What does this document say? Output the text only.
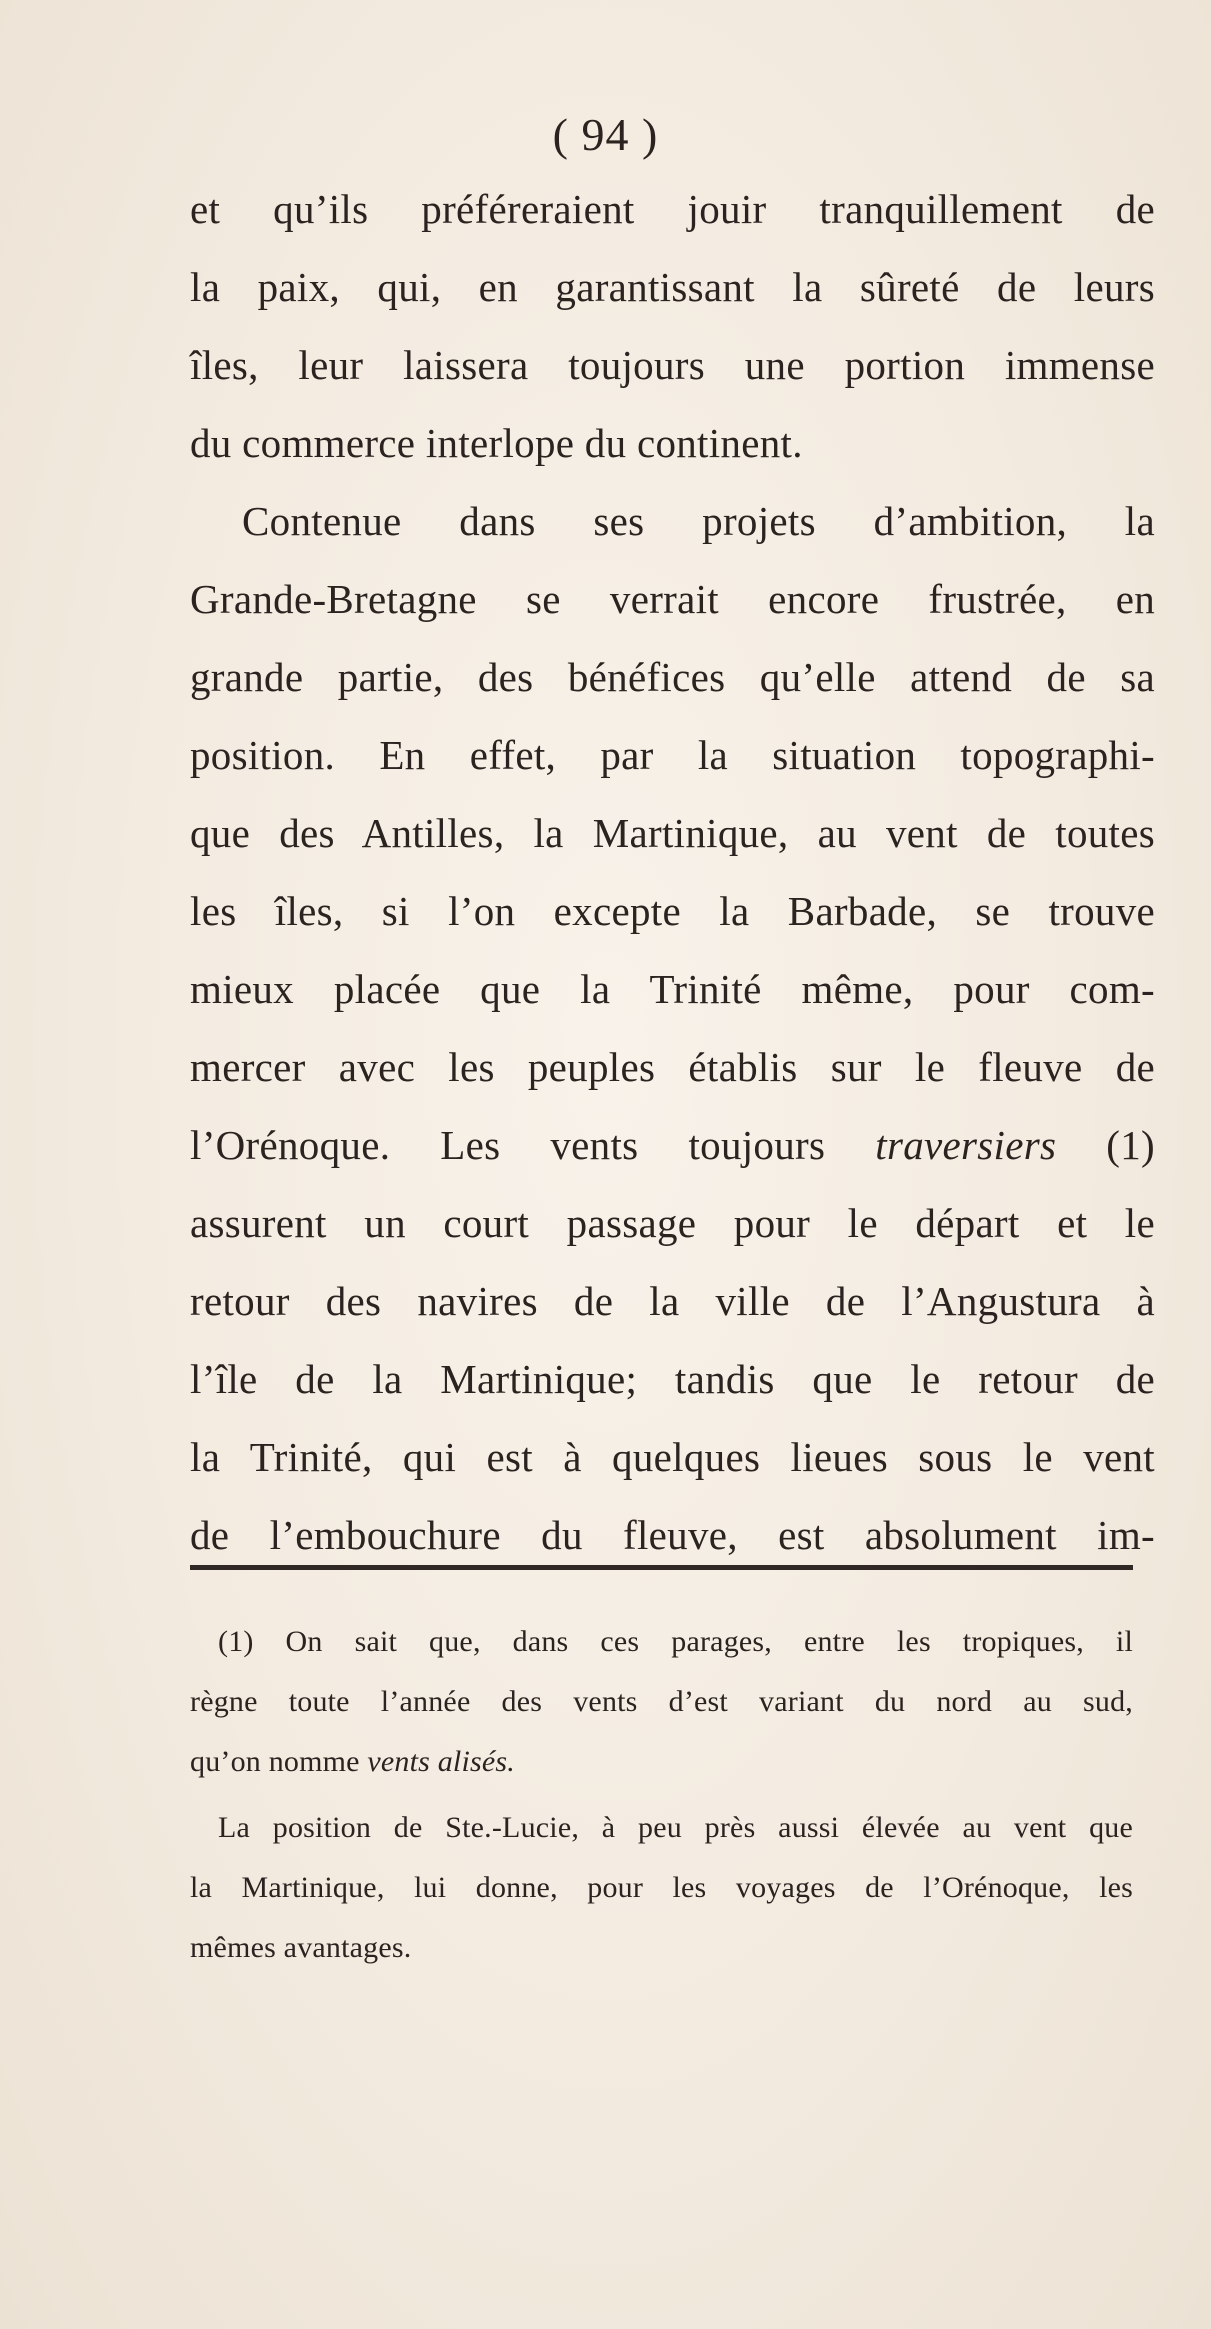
( 94 )
et qu’ils préféreraient jouir tranquillement de
la paix, qui, en garantissant la sûreté de leurs
îles, leur laissera toujours une portion immense
du commerce interlope du continent.
Contenue dans ses projets d’ambition, la
Grande-Bretagne se verrait encore frustrée, en
grande partie, des bénéfices qu’elle attend de sa
position. En effet, par la situation topographi-
que des Antilles, la Martinique, au vent de toutes
les îles, si l’on excepte la Barbade, se trouve
mieux placée que la Trinité même, pour com-
mercer avec les peuples établis sur le fleuve de
l’Orénoque. Les vents toujours traversiers (1)
assurent un court passage pour le départ et le
retour des navires de la ville de l’Angustura à
l’île de la Martinique; tandis que le retour de
la Trinité, qui est à quelques lieues sous le vent
de l’embouchure du fleuve, est absolument im-
(1) On sait que, dans ces parages, entre les tropiques, il
règne toute l’année des vents d’est variant du nord au sud,
qu’on nomme vents alisés.
La position de Ste.-Lucie, à peu près aussi élevée au vent que
la Martinique, lui donne, pour les voyages de l’Orénoque, les
mêmes avantages.
